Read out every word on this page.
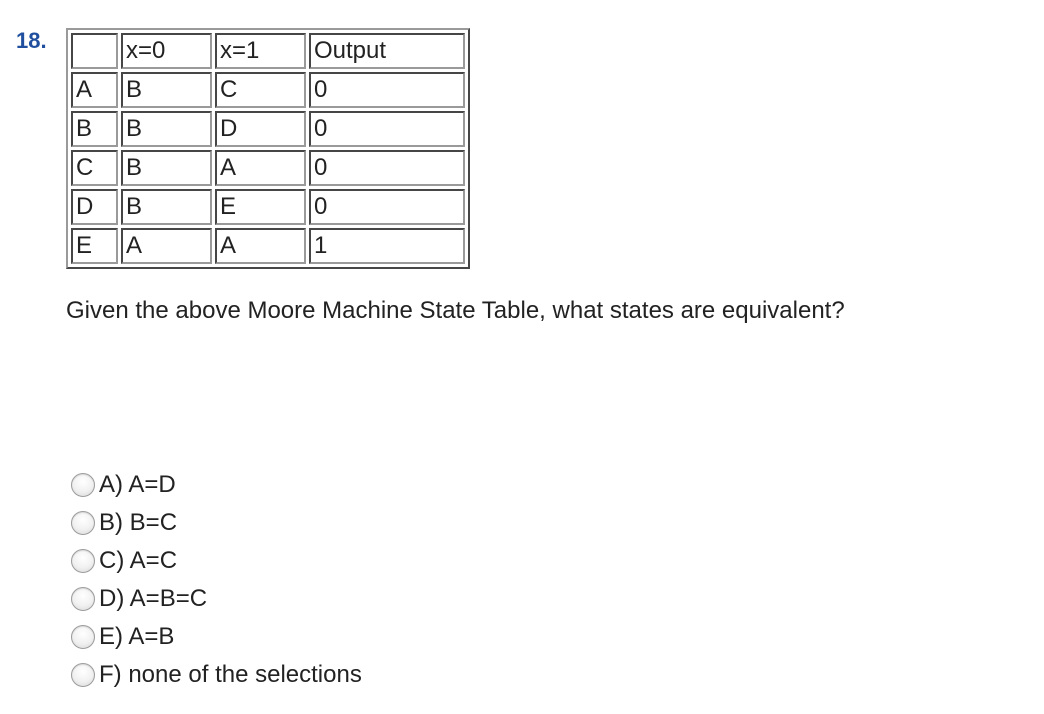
18.
		x=0	x=1	Output
A	B	C	0
B	B	D	0
C	B	A	0
D	B	E	0
E	A	A	1
Given the above Moore Machine State Table, what states are equivalent?
A) A=D
B) B=C
C) A=C
D) A=B=C
E) A=B
F) none of the selections
